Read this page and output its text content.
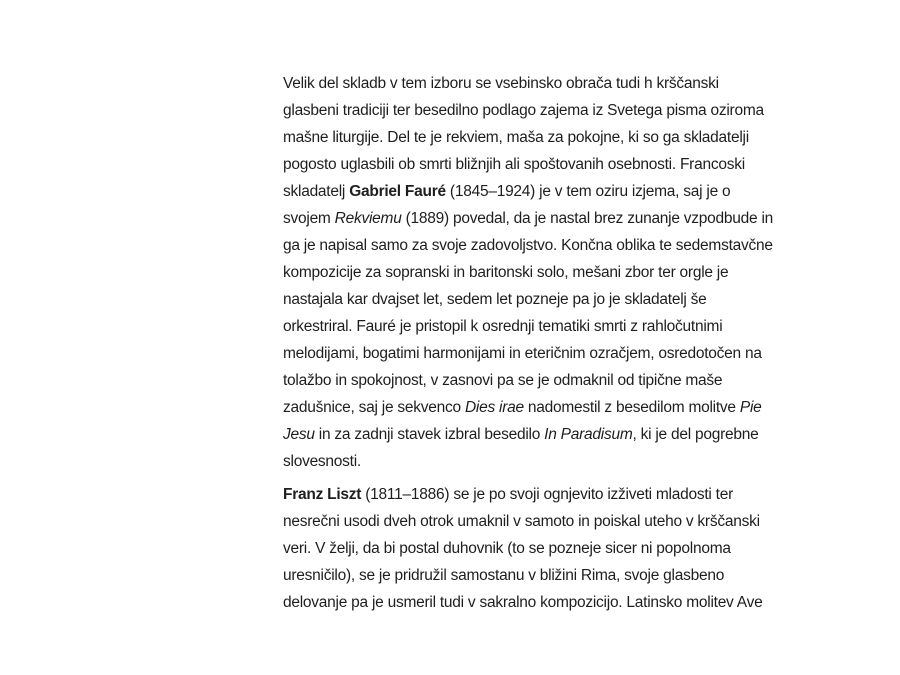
Velik del skladb v tem izboru se vsebinsko obrača tudi h krščanski
glasbeni tradiciji ter besedilno podlago zajema iz Svetega pisma oziroma
mašne liturgije. Del te je rekviem, maša za pokojne, ki so ga skladatelji
pogosto uglasbili ob smrti bližnjih ali spoštovanih osebnosti. Francoski
skladatelj Gabriel Fauré (1845–1924) je v tem oziru izjema, saj je o
svojem Rekviemu (1889) povedal, da je nastal brez zunanje vzpodbude in
ga je napisal samo za svoje zadovoljstvo. Končna oblika te sedemstavčne
kompozicije za sopranski in baritonski solo, mešani zbor ter orgle je
nastajala kar dvajset let, sedem let pozneje pa jo je skladatelj še
orkestriral. Fauré je pristopil k osrednji tematiki smrti z rahločutnimi
melodijami, bogatimi harmonijami in eteričnim ozračjem, osredotočen na
tolažbo in spokojnost, v zasnovi pa se je odmaknil od tipične maše
zadušnice, saj je sekvenco Dies irae nadomestil z besedilom molitve Pie
Jesu in za zadnji stavek izbral besedilo In Paradisum, ki je del pogrebne
slovesnosti.
Franz Liszt (1811–1886) se je po svoji ognjevito izživeti mladosti ter
nesrečni usodi dveh otrok umaknil v samoto in poiskal uteho v krščanski
veri. V želji, da bi postal duhovnik (to se pozneje sicer ni popolnoma
uresničilo), se je pridružil samostanu v bližini Rima, svoje glasbeno
delovanje pa je usmeril tudi v sakralno kompozicijo. Latinsko molitev Ave
